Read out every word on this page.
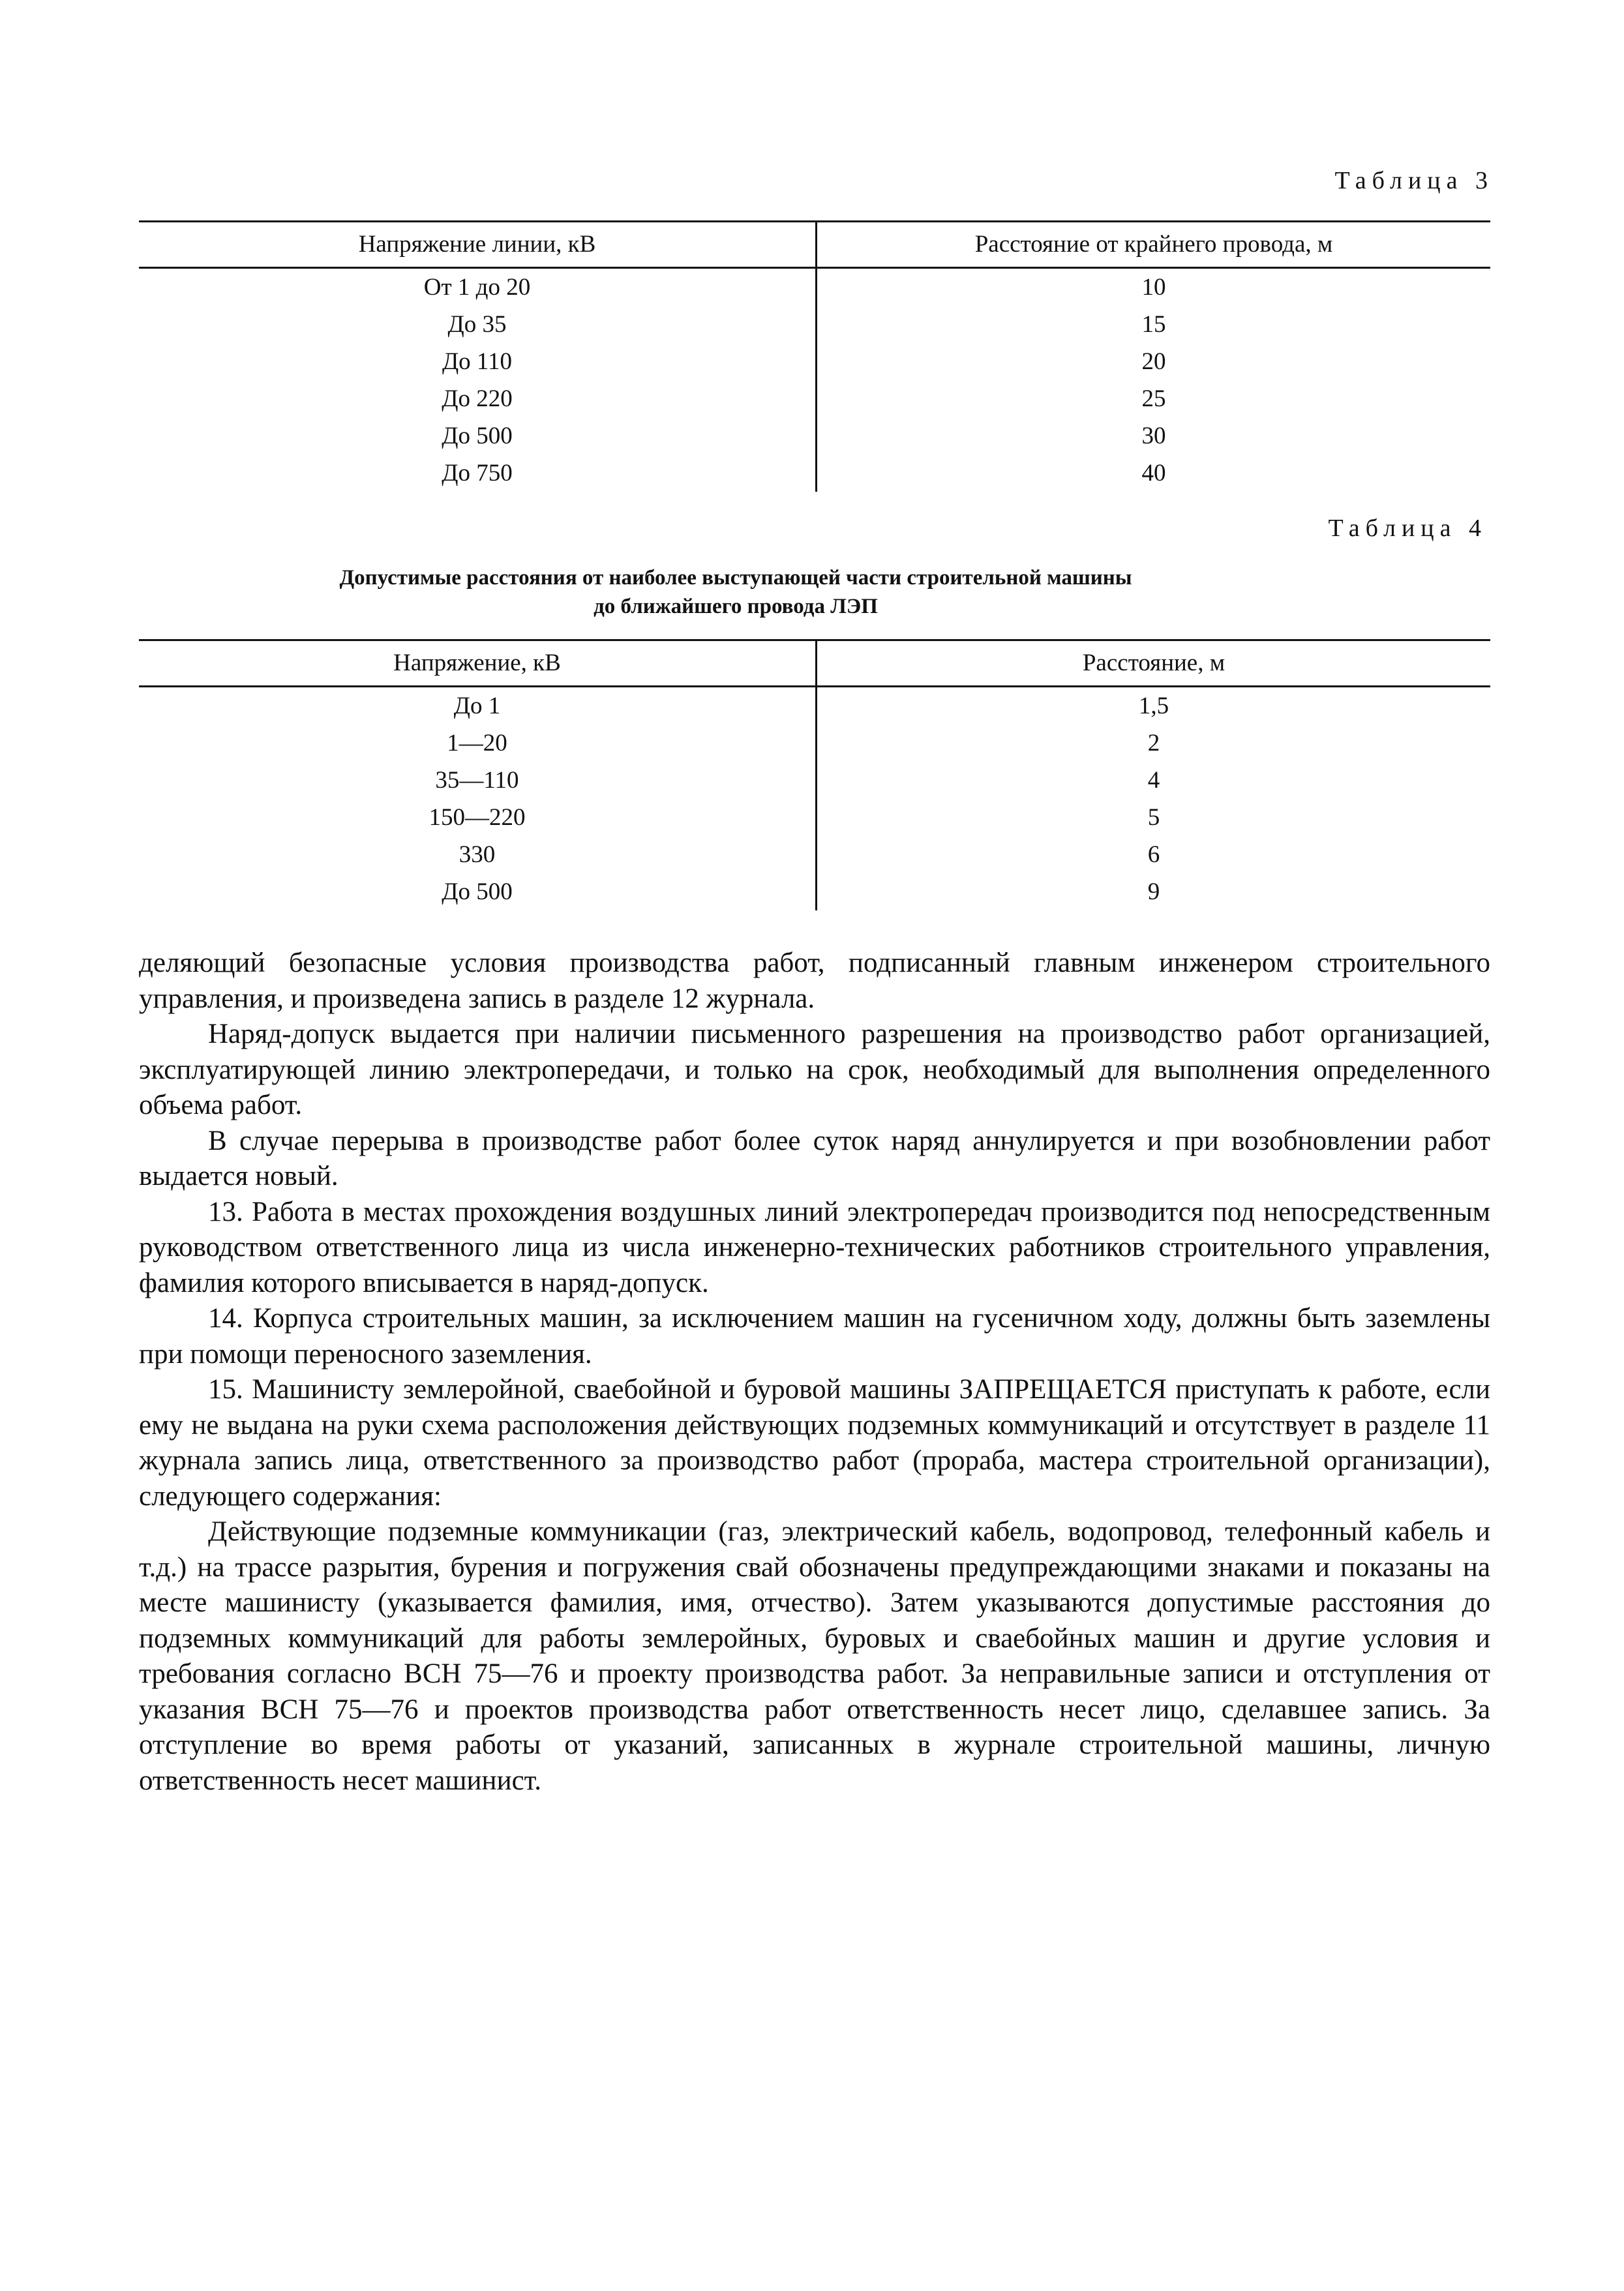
Таблица 3
Напряжение линии, кВ	Расстояние от крайнего провода, м
От 1 до 20	10
До 35	15
До 110	20
До 220	25
До 500	30
До 750	40
Таблица 4
Допустимые расстояния от наиболее выступающей части строительной машины
до ближайшего провода ЛЭП
Напряжение, кВ	Расстояние, м
До 1	1,5
1—20	2
35—110	4
150—220	5
330	6
До 500	9

деляющий безопасные условия производства работ, подписанный главным инженером строительного управления, и произведена запись в разделе 12 журнала.

Наряд-допуск выдается при наличии письменного разрешения на производство работ организацией, эксплуатирующей линию электропередачи, и только на срок, необходимый для выполнения определенного объема работ.

В случае перерыва в производстве работ более суток наряд аннулируется и при возобновлении работ выдается новый.

13. Работа в местах прохождения воздушных линий электропередач производится под непосредственным руководством ответственного лица из числа инженерно-технических работников строительного управления, фамилия которого вписывается в наряд-допуск.

14. Корпуса строительных машин, за исключением машин на гусеничном ходу, должны быть заземлены при помощи переносного заземления.

15. Машинисту землеройной, сваебойной и буровой машины ЗАПРЕЩАЕТСЯ приступать к работе, если ему не выдана на руки схема расположения действующих подземных коммуникаций и отсутствует в разделе 11 журнала запись лица, ответственного за производство работ (прораба, мастера строительной организации), следующего содержания:

Действующие подземные коммуникации (газ, электрический кабель, водопровод, телефонный кабель и т.д.) на трассе разрытия, бурения и погружения свай обозначены предупреждающими знаками и показаны на месте машинисту (указывается фамилия, имя, отчество). Затем указываются допустимые расстояния до подземных коммуникаций для работы землеройных, буровых и сваебойных машин и другие условия и требования согласно ВСН 75—76 и проекту производства работ. За неправильные записи и отступления от указания ВСН 75—76 и проектов производства работ ответственность несет лицо, сделавшее запись. За отступление во время работы от указаний, записанных в журнале строительной машины, личную ответственность несет машинист.
